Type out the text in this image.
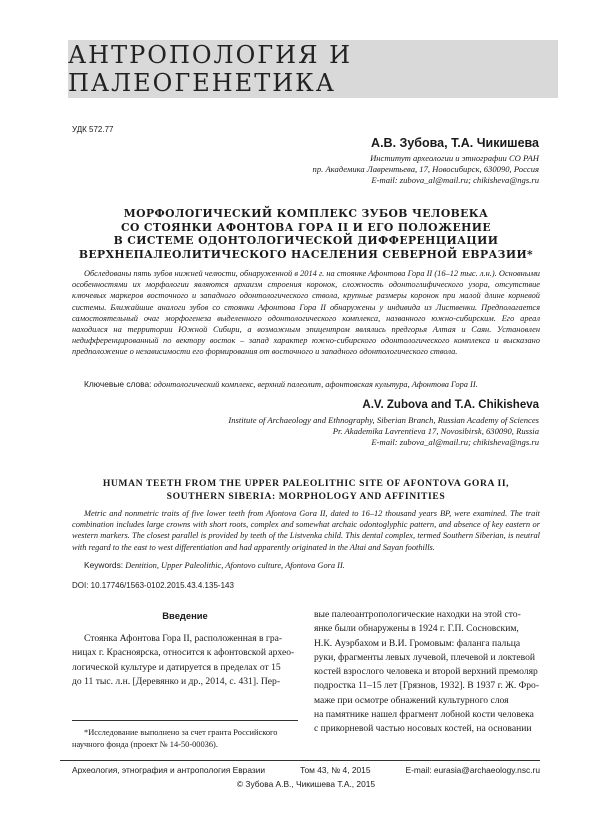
АНТРОПОЛОГИЯ И ПАЛЕОГЕНЕТИКА
УДК 572.77
А.В. Зубова, Т.А. Чикишева
Институт археологии и этнографии СО РАН
пр. Академика Лаврентьева, 17, Новосибирск, 630090, Россия
E-mail: zubova_al@mail.ru; chikisheva@ngs.ru
МОРФОЛОГИЧЕСКИЙ КОМПЛЕКС ЗУБОВ ЧЕЛОВЕКА
СО СТОЯНКИ АФОНТОВА ГОРА II И ЕГО ПОЛОЖЕНИЕ
В СИСТЕМЕ ОДОНТОЛОГИЧЕСКОЙ ДИФФЕРЕНЦИАЦИИ
ВЕРХНЕПАЛЕОЛИТИЧЕСКОГО НАСЕЛЕНИЯ СЕВЕРНОЙ ЕВРАЗИИ*
Обследованы пять зубов нижней челюсти, обнаруженной в 2014 г. на стоянке Афонтова Гора II (16–12 тыс. л.н.). Основными особенностями их морфологии являются архаизм строения коронок, сложность одонтоглифического узора, отсутствие ключевых маркеров восточного и западного одонтологического ствола, крупные размеры коронок при малой длине корневой системы. Ближайшие аналоги зубов со стоянки Афонтова Гора II обнаружены у индивида из Лиственки. Предполагается самостоятельный очаг морфогенеза выделенного одонтологического комплекса, названного южно-сибирским. Его ареал находился на территории Южной Сибири, а возможным эпицентром являлись предгорья Алтая и Саян. Установлен недифференцированный по вектору восток – запад характер южно-сибирского одонтологического комплекса и высказано предположение о независимости его формирования от восточного и западного одонтологического ствола.
Ключевые слова: одонтологический комплекс, верхний палеолит, афонтовская культура, Афонтова Гора II.
A.V. Zubova and T.A. Chikisheva
Institute of Archaeology and Ethnography, Siberian Branch, Russian Academy of Sciences
Pr. Akademika Lavrentieva 17, Novosibirsk, 630090, Russia
E-mail: zubova_al@mail.ru; chikisheva@ngs.ru
HUMAN TEETH FROM THE UPPER PALEOLITHIC SITE OF AFONTOVA GORA II,
SOUTHERN SIBERIA: MORPHOLOGY AND AFFINITIES
Metric and nonmetric traits of five lower teeth from Afontova Gora II, dated to 16–12 thousand years BP, were examined. The trait combination includes large crowns with short roots, complex and somewhat archaic odontoglyphic pattern, and absence of key eastern or western markers. The closest parallel is provided by teeth of the Listvenka child. This dental complex, termed Southern Siberian, is neutral with regard to the east to west differentiation and had apparently originated in the Altai and Sayan foothills.
Keywords: Dentition, Upper Paleolithic, Afontovo culture, Afontova Gora II.
DOI: 10.17746/1563-0102.2015.43.4.135-143
Введение
Стоянка Афонтова Гора II, расположенная в гра-
ницах г. Красноярска, относится к афонтовской архео-
логической культуре и датируется в пределах от 15
до 11 тыс. л.н. [Деревянко и др., 2014, с. 431]. Пер-
*Исследование выполнено за счет гранта Российского научного фонда (проект № 14-50-00036).
вые палеоантропологические находки на этой сто-
янке были обнаружены в 1924 г. Г.П. Сосновским,
Н.К. Ауэрбахом и В.И. Громовым: фаланга пальца
руки, фрагменты левых лучевой, плечевой и локтевой
костей взрослого человека и второй верхний премоляр
подростка 11–15 лет [Грязнов, 1932]. В 1937 г. Ж. Фро-
маже при осмотре обнажений культурного слоя
на памятнике нашел фрагмент лобной кости человека
с прикорневой частью носовых костей, на основании
Археология, этнография и антропология Евразии	Том 43, № 4, 2015	E-mail: eurasia@archaeology.nsc.ru
© Зубова А.В., Чикишева Т.А., 2015
